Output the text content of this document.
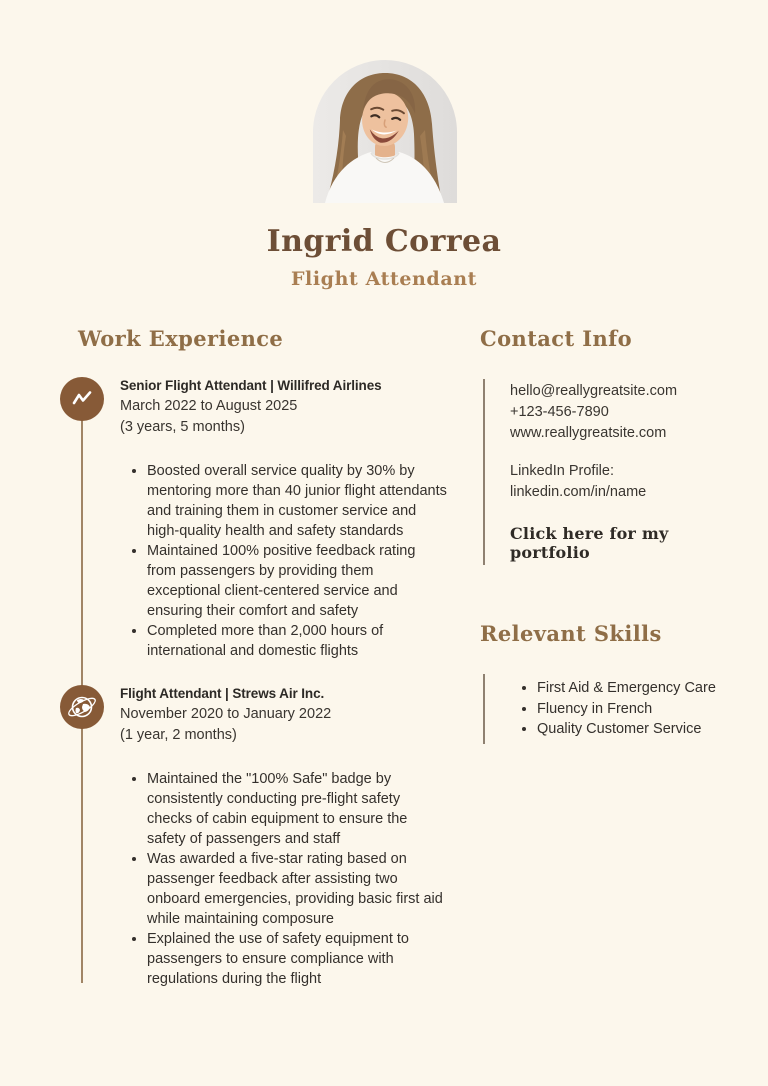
Ingrid Correa
Flight Attendant
Work Experience
Senior Flight Attendant | Willifred Airlines
March 2022 to August 2025
(3 years, 5 months)
• Boosted overall service quality by 30% by mentoring more than 40 junior flight attendants and training them in customer service and high-quality health and safety standards
• Maintained 100% positive feedback rating from passengers by providing them exceptional client-centered service and ensuring their comfort and safety
• Completed more than 2,000 hours of international and domestic flights
Flight Attendant | Strews Air Inc.
November 2020 to January 2022
(1 year, 2 months)
• Maintained the "100% Safe" badge by consistently conducting pre-flight safety checks of cabin equipment to ensure the safety of passengers and staff
• Was awarded a five-star rating based on passenger feedback after assisting two onboard emergencies, providing basic first aid while maintaining composure
• Explained the use of safety equipment to passengers to ensure compliance with regulations during the flight
Contact Info
hello@reallygreatsite.com
+123-456-7890
www.reallygreatsite.com
LinkedIn Profile:
linkedin.com/in/name
Click here for my portfolio
Relevant Skills
• First Aid & Emergency Care
• Fluency in French
• Quality Customer Service
